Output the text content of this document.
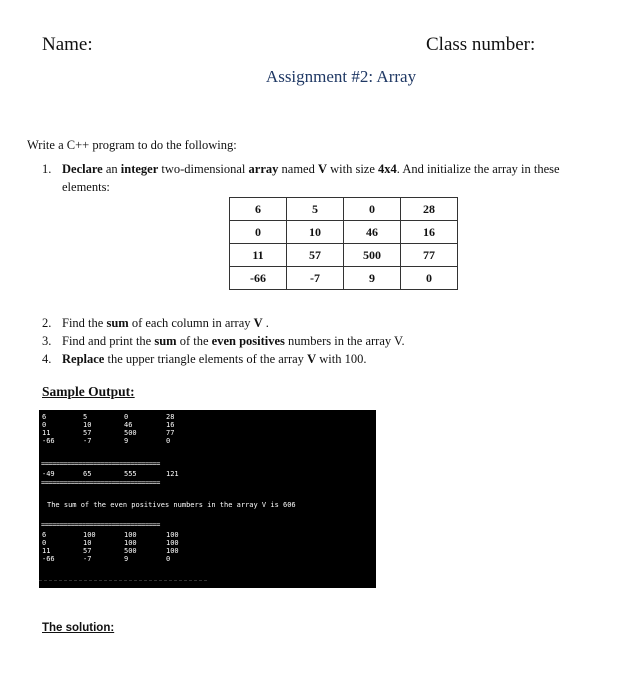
Name:	Class number:
Assignment #2: Array
Write a C++ program to do the following:
1. Declare an integer two-dimensional array named V with size 4x4. And initialize the array in these
elements:
6	5	0	28
0	10	46	16
11	57	500	77
-66	-7	9	0
2. Find the sum of each column in array V .
3. Find and print the sum of the even positives numbers in the array V.
4. Replace the upper triangle elements of the array V with 100.
Sample Output:
6	5	0	28
0	10	46	16
11	57	500	77
-66	-7	9	0
================================
-49	65	555	121
================================
The sum of the even positives numbers in the array V is 606
================================
6	100	100	100
0	10	100	100
11	57	500	100
-66	-7	9	0
The solution:
